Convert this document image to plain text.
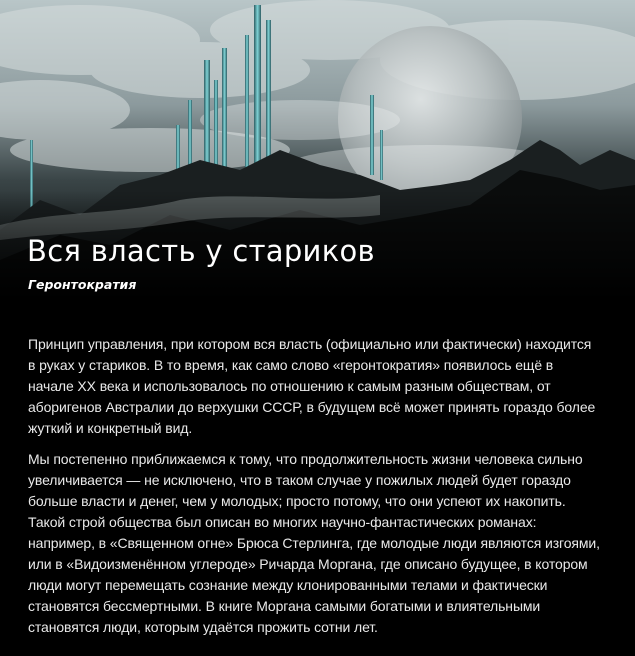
Вся власть у стариков
Геронтократия
Принцип управления, при котором вся власть (официально или фактически) находится
в руках у стариков. В то время, как само слово «геронтократия» появилось ещё в
начале XX века и использовалось по отношению к самым разным обществам, от
аборигенов Австралии до верхушки СССР, в будущем всё может принять гораздо более
жуткий и конкретный вид.
Мы постепенно приближаемся к тому, что продолжительность жизни человека сильно
увеличивается — не исключено, что в таком случае у пожилых людей будет гораздо
больше власти и денег, чем у молодых; просто потому, что они успеют их накопить.
Такой строй общества был описан во многих научно-фантастических романах:
например, в «Священном огне» Брюса Стерлинга, где молодые люди являются изгоями,
или в «Видоизменённом углероде» Ричарда Моргана, где описано будущее, в котором
люди могут перемещать сознание между клонированными телами и фактически
становятся бессмертными. В книге Моргана самыми богатыми и влиятельными
становятся люди, которым удаётся прожить сотни лет.
